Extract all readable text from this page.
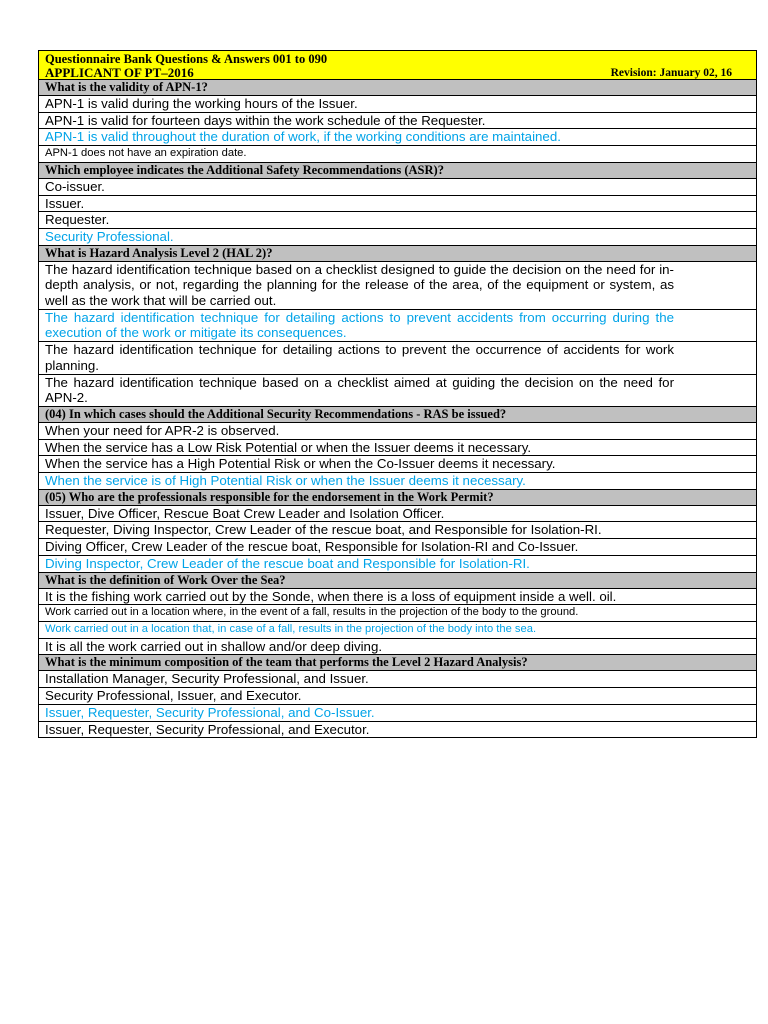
Questionnaire Bank Questions & Answers 001 to 090
APPLICANT OF PT–2016	Revision: January 02, 16
What is the validity of APN-1?
APN-1 is valid during the working hours of the Issuer.
APN-1 is valid for fourteen days within the work schedule of the Requester.
APN-1 is valid throughout the duration of work, if the working conditions are maintained.
APN-1 does not have an expiration date.
Which employee indicates the Additional Safety Recommendations (ASR)?
Co-issuer.
Issuer.
Requester.
Security Professional.
What is Hazard Analysis Level 2 (HAL 2)?
The hazard identification technique based on a checklist designed to guide the decision on the need for in-depth analysis, or not, regarding the planning for the release of the area, of the equipment or system, as well as the work that will be carried out.
The hazard identification technique for detailing actions to prevent accidents from occurring during the execution of the work or mitigate its consequences.
The hazard identification technique for detailing actions to prevent the occurrence of accidents for work planning.
The hazard identification technique based on a checklist aimed at guiding the decision on the need for APN-2.
(04) In which cases should the Additional Security Recommendations - RAS be issued?
When your need for APR-2 is observed.
When the service has a Low Risk Potential or when the Issuer deems it necessary.
When the service has a High Potential Risk or when the Co-Issuer deems it necessary.
When the service is of High Potential Risk or when the Issuer deems it necessary.
(05) Who are the professionals responsible for the endorsement in the Work Permit?
Issuer, Dive Officer, Rescue Boat Crew Leader and Isolation Officer.
Requester, Diving Inspector, Crew Leader of the rescue boat, and Responsible for Isolation-RI.
Diving Officer, Crew Leader of the rescue boat, Responsible for Isolation-RI and Co-Issuer.
Diving Inspector, Crew Leader of the rescue boat and Responsible for Isolation-RI.
What is the definition of Work Over the Sea?
It is the fishing work carried out by the Sonde, when there is a loss of equipment inside a well. oil.
Work carried out in a location where, in the event of a fall, results in the projection of the body to the ground.
Work carried out in a location that, in case of a fall, results in the projection of the body into the sea.
It is all the work carried out in shallow and/or deep diving.
What is the minimum composition of the team that performs the Level 2 Hazard Analysis?
Installation Manager, Security Professional, and Issuer.
Security Professional, Issuer, and Executor.
Issuer, Requester, Security Professional, and Co-Issuer.
Issuer, Requester, Security Professional, and Executor.
